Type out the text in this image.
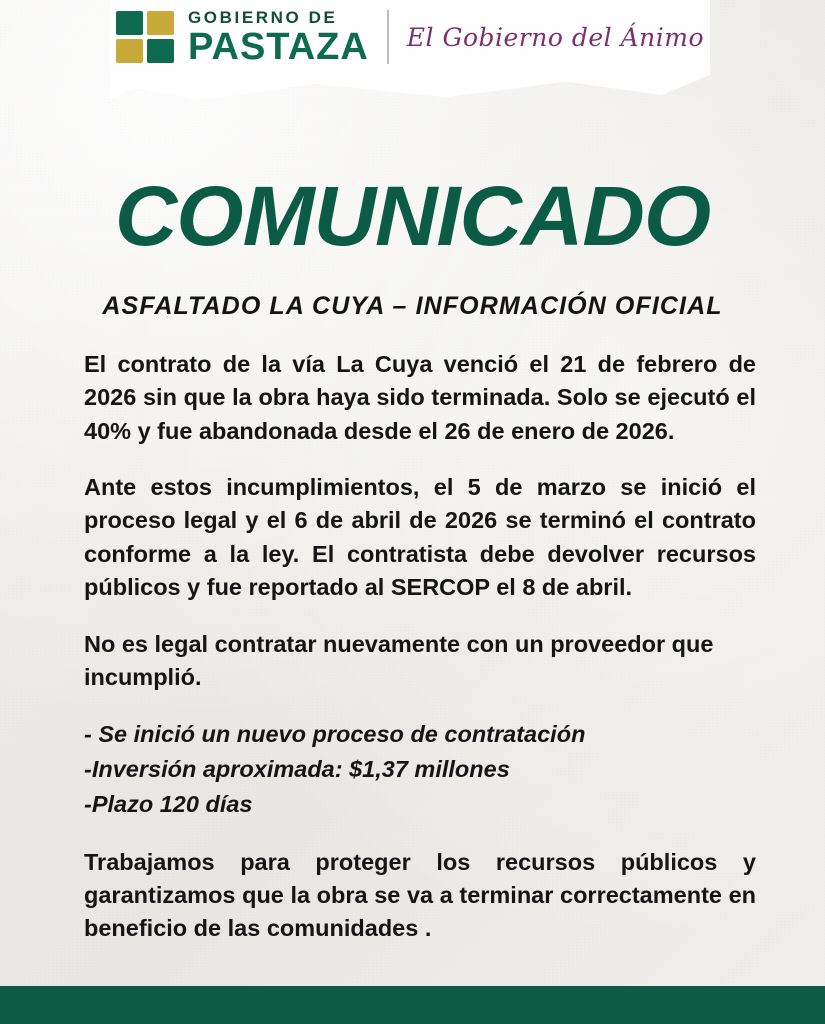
GOBIERNO DE
PASTAZA El Gobierno del Ánimo
COMUNICADO
ASFALTADO LA CUYA – INFORMACIÓN OFICIAL

El contrato de la vía La Cuya venció el 21 de febrero de 2026 sin que la obra haya sido terminada. Solo se ejecutó el 40% y fue abandonada desde el 26 de enero de 2026.

Ante estos incumplimientos, el 5 de marzo se inició el proceso legal y el 6 de abril de 2026 se terminó el contrato conforme a la ley. El contratista debe devolver recursos públicos y fue reportado al SERCOP el 8 de abril.

No es legal contratar nuevamente con un proveedor que incumplió.

- Se inició un nuevo proceso de contratación
-Inversión aproximada: $1,37 millones
-Plazo 120 días

Trabajamos para proteger los recursos públicos y garantizamos que la obra se va a terminar correctamente en beneficio de las comunidades .
